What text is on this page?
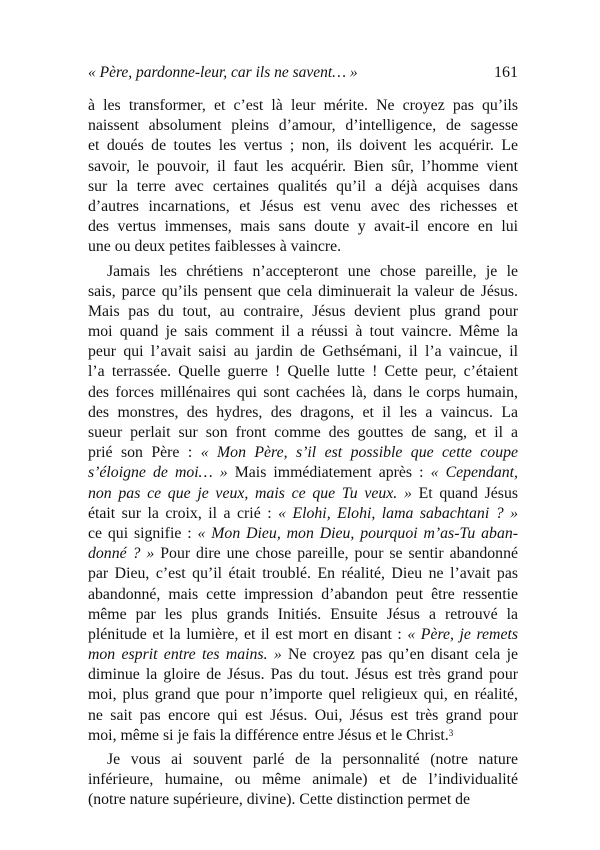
« Père, pardonne-leur, car ils ne savent… »	161
à les transformer, et c’est là leur mérite. Ne croyez pas qu’ils
naissent absolument pleins d’amour, d’intelligence, de sagesse
et doués de toutes les vertus ; non, ils doivent les acquérir. Le
savoir, le pouvoir, il faut les acquérir. Bien sûr, l’homme vient
sur la terre avec certaines qualités qu’il a déjà acquises dans
d’autres incarnations, et Jésus est venu avec des richesses et
des vertus immenses, mais sans doute y avait-il encore en lui
une ou deux petites faiblesses à vaincre.
Jamais les chrétiens n’accepteront une chose pareille, je le
sais, parce qu’ils pensent que cela diminuerait la valeur de Jésus.
Mais pas du tout, au contraire, Jésus devient plus grand pour
moi quand je sais comment il a réussi à tout vaincre. Même la
peur qui l’avait saisi au jardin de Gethsémani, il l’a vaincue, il
l’a terrassée. Quelle guerre ! Quelle lutte ! Cette peur, c’étaient
des forces millénaires qui sont cachées là, dans le corps humain,
des monstres, des hydres, des dragons, et il les a vaincus. La
sueur perlait sur son front comme des gouttes de sang, et il a
prié son Père : « Mon Père, s’il est possible que cette coupe
s’éloigne de moi… » Mais immédiatement après : « Cependant,
non pas ce que je veux, mais ce que Tu veux. » Et quand Jésus
était sur la croix, il a crié : « Elohi, Elohi, lama sabachtani ? »
ce qui signifie : « Mon Dieu, mon Dieu, pourquoi m’as-Tu aban-
donné ? » Pour dire une chose pareille, pour se sentir abandonné
par Dieu, c’est qu’il était troublé. En réalité, Dieu ne l’avait pas
abandonné, mais cette impression d’abandon peut être ressentie
même par les plus grands Initiés. Ensuite Jésus a retrouvé la
plénitude et la lumière, et il est mort en disant : « Père, je remets
mon esprit entre tes mains. » Ne croyez pas qu’en disant cela je
diminue la gloire de Jésus. Pas du tout. Jésus est très grand pour
moi, plus grand que pour n’importe quel religieux qui, en réalité,
ne sait pas encore qui est Jésus. Oui, Jésus est très grand pour
moi, même si je fais la différence entre Jésus et le Christ.$^3$
Je vous ai souvent parlé de la personnalité (notre nature
inférieure, humaine, ou même animale) et de l’individualité
(notre nature supérieure, divine). Cette distinction permet de
